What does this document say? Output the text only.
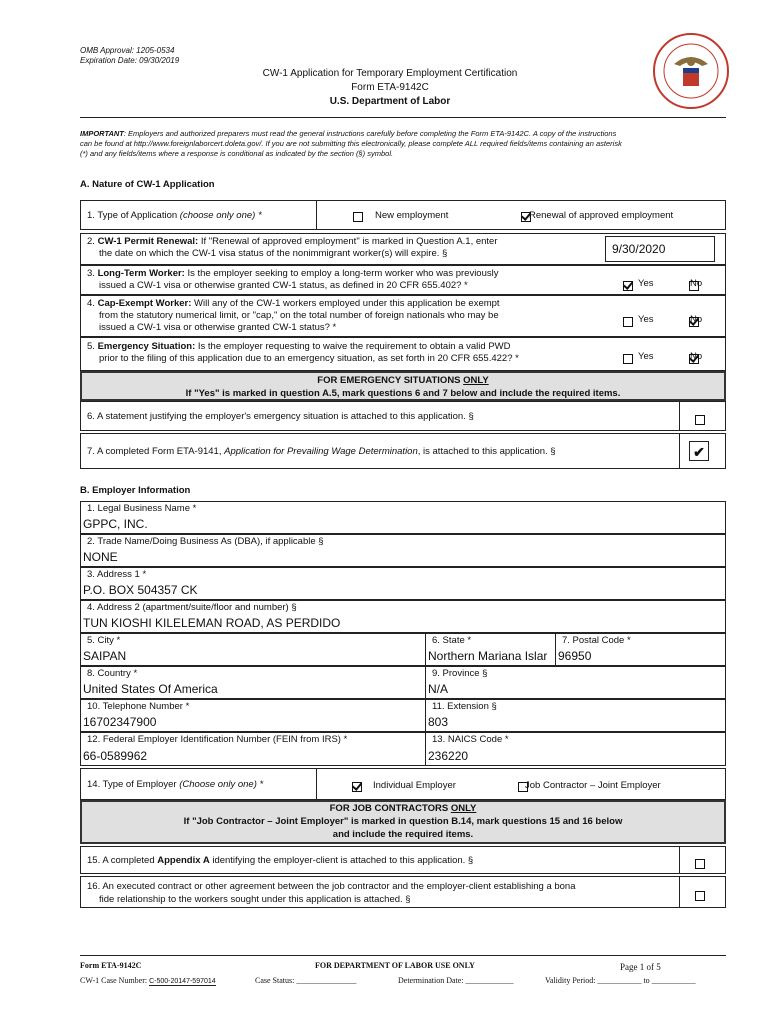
OMB Approval: 1205-0534
Expiration Date: 09/30/2019
CW-1 Application for Temporary Employment Certification
Form ETA-9142C
U.S. Department of Labor
IMPORTANT: Employers and authorized preparers must read the general instructions carefully before completing the Form ETA-9142C. A copy of the instructions
can be found at http://www.foreignlaborcert.doleta.gov/. If you are not submitting this electronically, please complete ALL required fields/items containing an asterisk
(*) and any fields/items where a response is conditional as indicated by the section (§) symbol.
A. Nature of CW-1 Application
1. Type of Application (choose only one) *
	New employment	Renewal of approved employment
2. CW-1 Permit Renewal: If "Renewal of approved employment" is marked in Question A.1, enter
the date on which the CW-1 visa status of the nonimmigrant worker(s) will expire. §	9/30/2020
3. Long-Term Worker: Is the employer seeking to employ a long-term worker who was previously
issued a CW-1 visa or otherwise granted CW-1 status, as defined in 20 CFR 655.402? *
	Yes	No
4. Cap-Exempt Worker: Will any of the CW-1 workers employed under this application be exempt
from the statutory numerical limit, or "cap," on the total number of foreign nationals who may be
issued a CW-1 visa or otherwise granted CW-1 status? *

Yes	No
5. Emergency Situation: Is the employer requesting to waive the requirement to obtain a valid PWD
prior to the filing of this application due to an emergency situation, as set forth in 20 CFR 655.422? *
	Yes	No
FOR EMERGENCY SITUATIONS ONLY
If "Yes" is marked in question A.5, mark questions 6 and 7 below and include the required items.
6. A statement justifying the employer's emergency situation is attached to this application. §
7. A completed Form ETA-9141, Application for Prevailing Wage Determination, is attached to this application. §	✔
B. Employer Information
1. Legal Business Name *
GPPC, INC.
2. Trade Name/Doing Business As (DBA), if applicable §
NONE
3. Address 1 *
P.O. BOX 504357 CK
4. Address 2 (apartment/suite/floor and number) §
TUN KIOSHI KILELEMAN ROAD, AS PERDIDO
5. City *
SAIPAN
6. State *
Northern Mariana Islar
7. Postal Code *
96950
8. Country *
United States Of America
9. Province §
N/A
10. Telephone Number *
16702347900
11. Extension §
803
12. Federal Employer Identification Number (FEIN from IRS) *
66-0589962
13. NAICS Code *
236220
14. Type of Employer (Choose only one) *
	Individual Employer	Job Contractor – Joint Employer
FOR JOB CONTRACTORS ONLY
If "Job Contractor – Joint Employer" is marked in question B.14, mark questions 15 and 16 below
and include the required items.
15. A completed Appendix A identifying the employer-client is attached to this application. §
16. An executed contract or other agreement between the job contractor and the employer-client establishing a bona
fide relationship to the workers sought under this application is attached. §
Form ETA-9142C	FOR DEPARTMENT OF LABOR USE ONLY	Page 1 of 5
CW-1 Case Number: C-500-20147-597014	Case Status: _______________	Determination Date: ____________	Validity Period: ___________ to ___________
